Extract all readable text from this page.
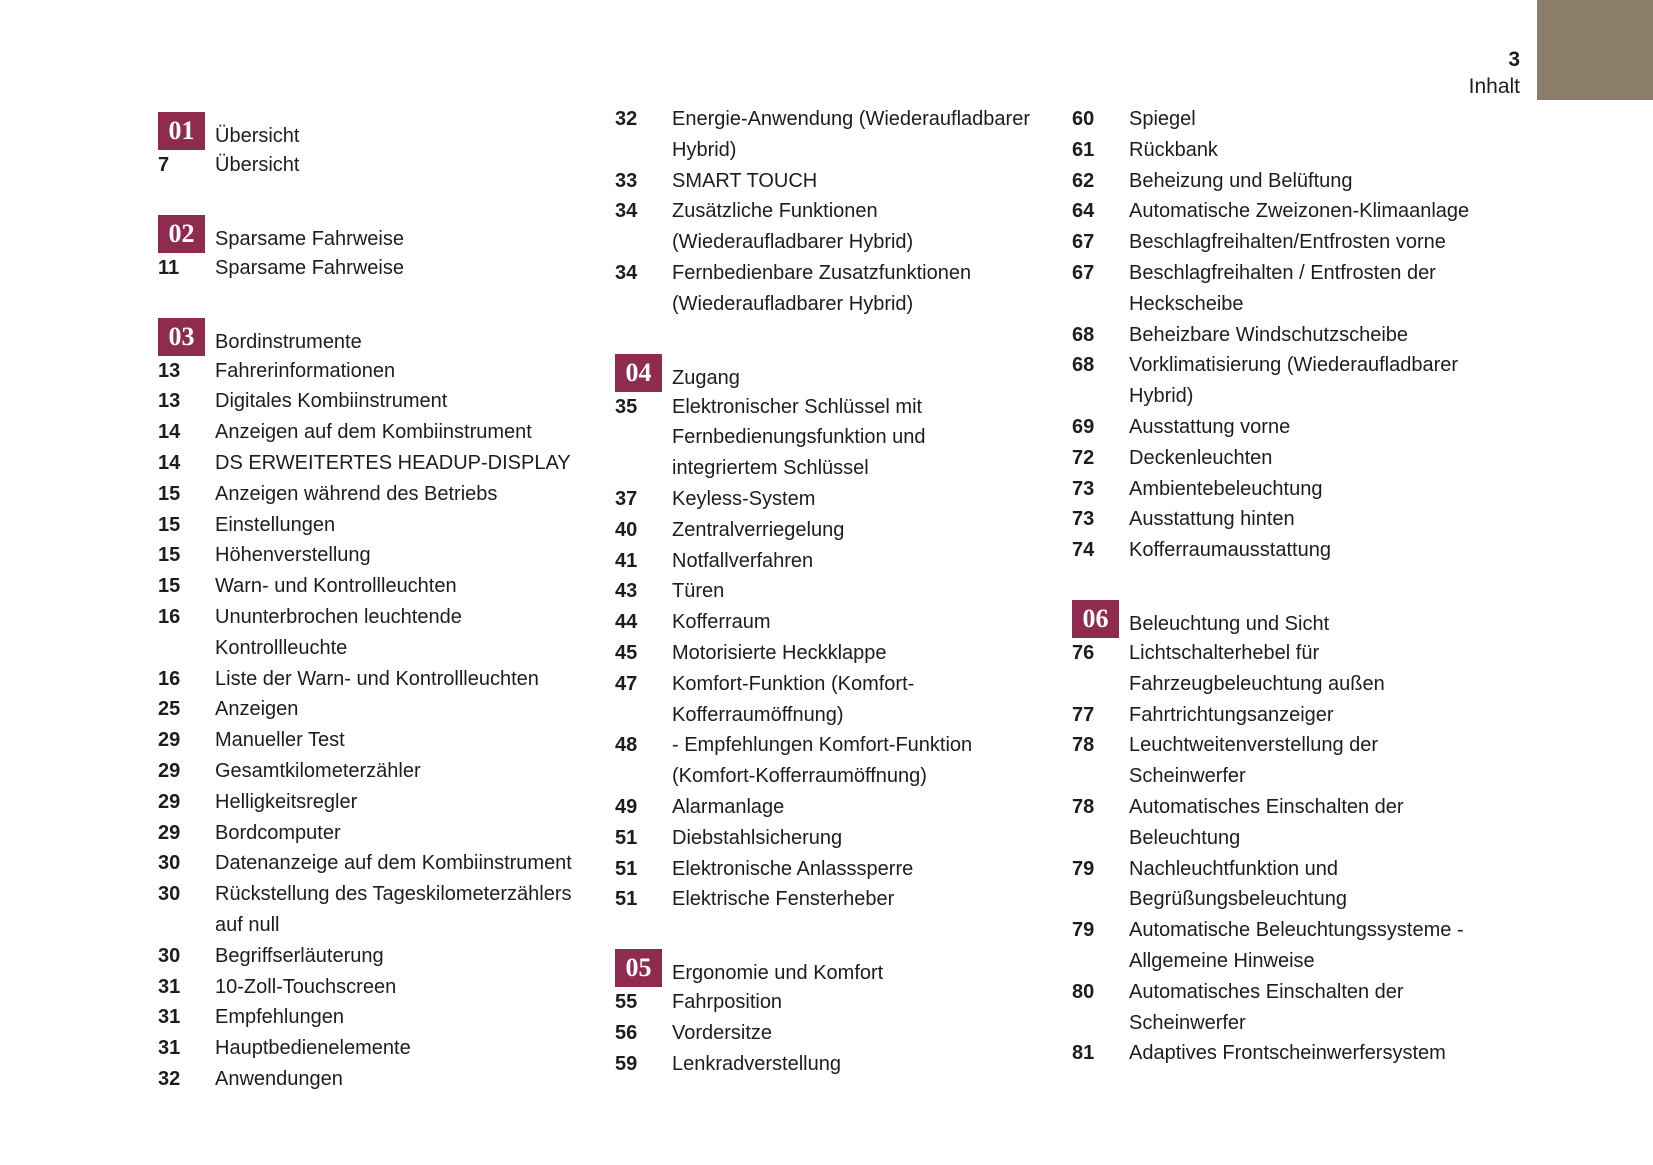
3
Inhalt
01	Übersicht
7	Übersicht
02	Sparsame Fahrweise
11	Sparsame Fahrweise
03	Bordinstrumente
13	Fahrerinformationen
13	Digitales Kombiinstrument
14	Anzeigen auf dem Kombiinstrument
14	DS ERWEITERTES HEADUP-DISPLAY
15	Anzeigen während des Betriebs
15	Einstellungen
15	Höhenverstellung
15	Warn- und Kontrollleuchten
16	Ununterbrochen leuchtende
Kontrollleuchte
16	Liste der Warn- und Kontrollleuchten
25	Anzeigen
29	Manueller Test
29	Gesamtkilometerzähler
29	Helligkeitsregler
29	Bordcomputer
30	Datenanzeige auf dem Kombiinstrument
30	Rückstellung des Tageskilometerzählers
auf null
30	Begriffserläuterung
31	10-Zoll-Touchscreen
31	Empfehlungen
31	Hauptbedienelemente
32	Anwendungen
32	Energie-Anwendung (Wiederaufladbarer
Hybrid)
33	SMART TOUCH
34	Zusätzliche Funktionen
(Wiederaufladbarer Hybrid)
34	Fernbedienbare Zusatzfunktionen
(Wiederaufladbarer Hybrid)
04	Zugang
35	Elektronischer Schlüssel mit
Fernbedienungsfunktion und
integriertem Schlüssel
37	Keyless-System
40	Zentralverriegelung
41	Notfallverfahren
43	Türen
44	Kofferraum
45	Motorisierte Heckklappe
47	Komfort-Funktion (Komfort-
Kofferraumöffnung)
48	- Empfehlungen Komfort-Funktion
(Komfort-Kofferraumöffnung)
49	Alarmanlage
51	Diebstahlsicherung
51	Elektronische Anlasssperre
51	Elektrische Fensterheber
05	Ergonomie und Komfort
55	Fahrposition
56	Vordersitze
59	Lenkradverstellung
60	Spiegel
61	Rückbank
62	Beheizung und Belüftung
64	Automatische Zweizonen-Klimaanlage
67	Beschlagfreihalten/Entfrosten vorne
67	Beschlagfreihalten / Entfrosten der
Heckscheibe
68	Beheizbare Windschutzscheibe
68	Vorklimatisierung (Wiederaufladbarer
Hybrid)
69	Ausstattung vorne
72	Deckenleuchten
73	Ambientebeleuchtung
73	Ausstattung hinten
74	Kofferraumausstattung
06	Beleuchtung und Sicht
76	Lichtschalterhebel für
Fahrzeugbeleuchtung außen
77	Fahrtrichtungsanzeiger
78	Leuchtweitenverstellung der
Scheinwerfer
78	Automatisches Einschalten der
Beleuchtung
79	Nachleuchtfunktion und
Begrüßungsbeleuchtung
79	Automatische Beleuchtungssysteme -
Allgemeine Hinweise
80	Automatisches Einschalten der
Scheinwerfer
81	Adaptives Frontscheinwerfersystem
